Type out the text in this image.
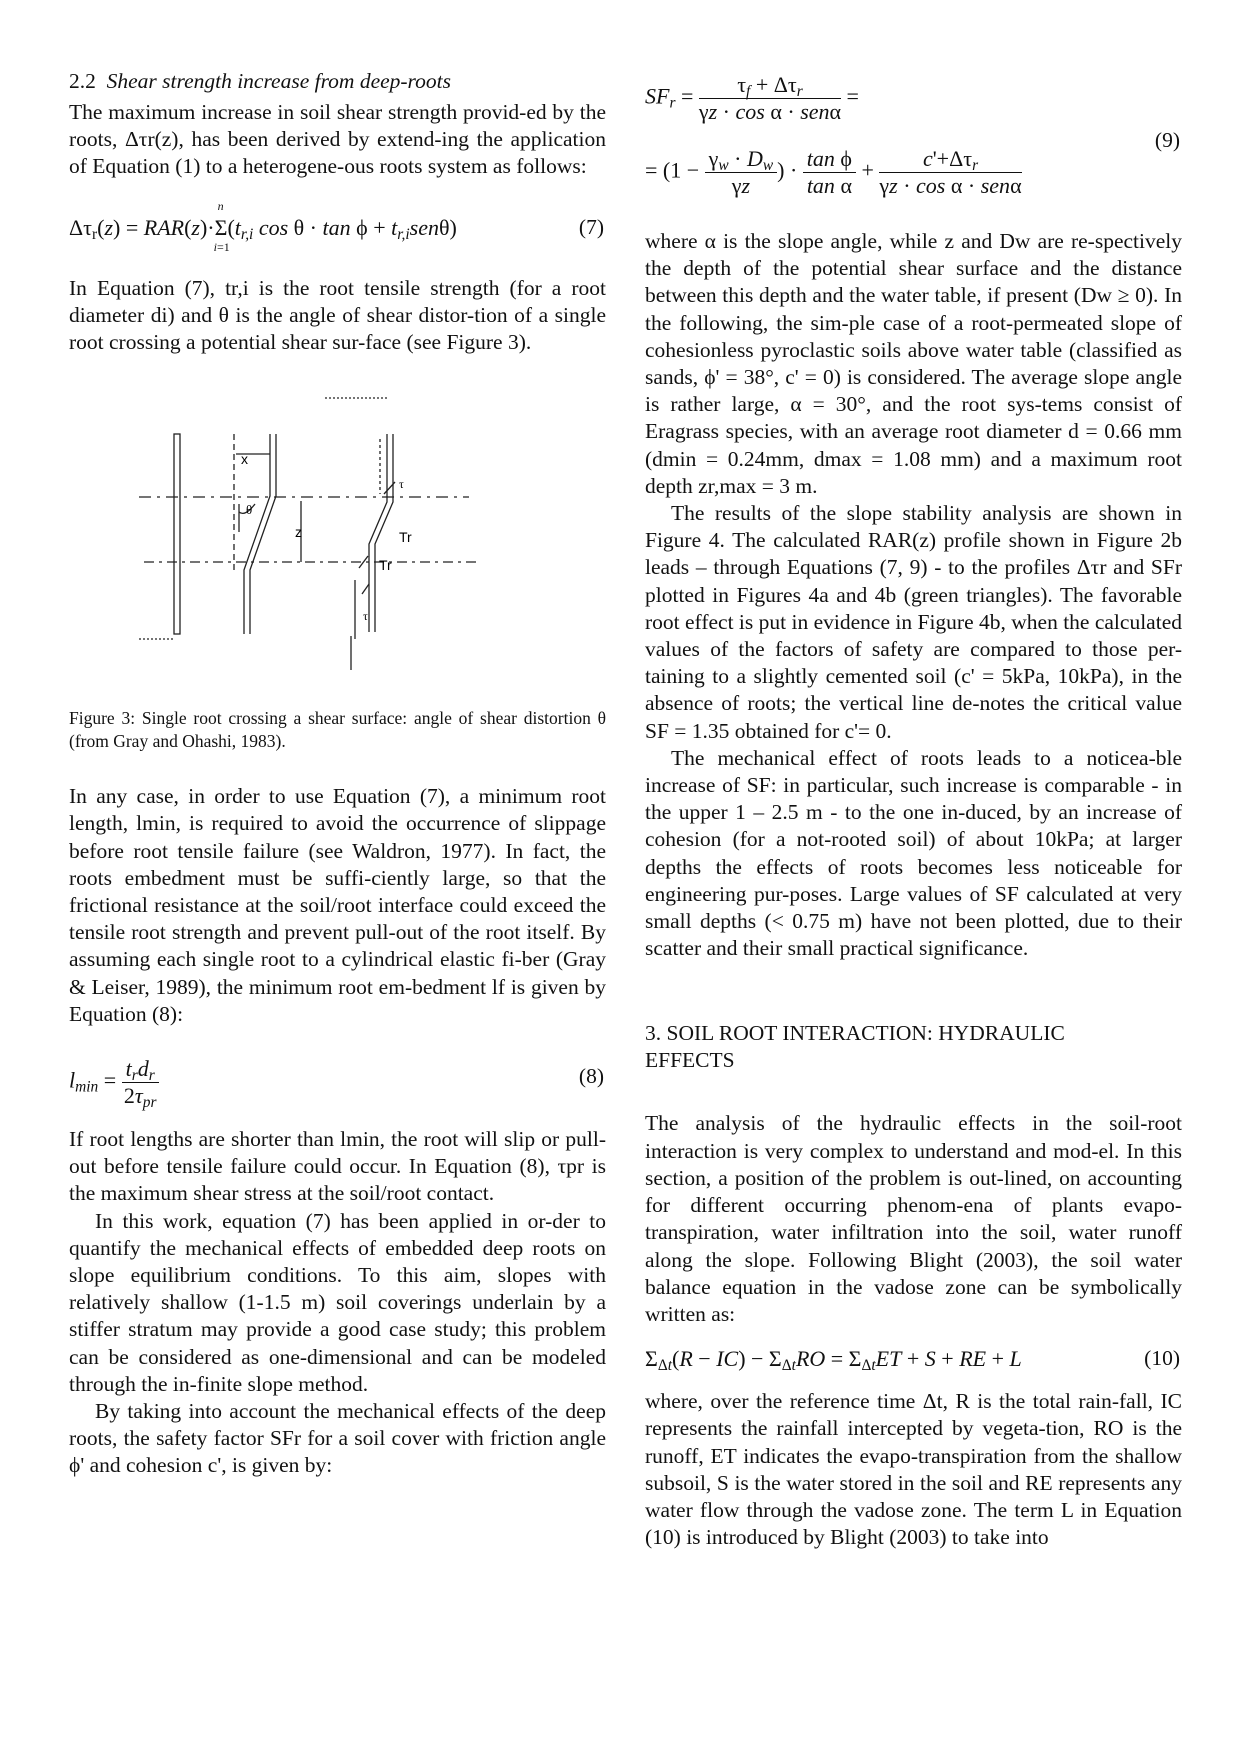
2.2 Shear strength increase from deep-roots

The maximum increase in soil shear strength provid-ed by the roots, Δτr(z), has been derived by extend-ing the application of Equation (1) to a heterogene-ous roots system as follows:

$\Delta\tau_r(z) = RAR(z)\cdot\Sigma$
n
i=1
($t_{r,i}$ $\cos \theta \cdot \tan \phi + t_{r,i}sen\theta$)	(7)

In Equation (7), tr,i is the root tensile strength (for a root diameter di) and θ is the angle of shear distor-tion of a single root crossing a potential shear sur-face (see Figure 3).

x
θ
z	Tr
Tr
τ
τ
Figure 3: Single root crossing a shear surface: angle of shear distortion θ (from Gray and Ohashi, 1983).

In any case, in order to use Equation (7), a minimum root length, lmin, is required to avoid the occurrence of slippage before root tensile failure (see Waldron, 1977). In fact, the roots embedment must be suffi-ciently large, so that the frictional resistance at the soil/root interface could exceed the tensile root strength and prevent pull-out of the root itself. By assuming each single root to a cylindrical elastic fi-ber (Gray & Leiser, 1989), the minimum root em-bedment lf is given by Equation (8):

$l_{min} = \frac{t_rd_r}{2\tau_{pr}}$	(8)

If root lengths are shorter than lmin, the root will slip or pull-out before tensile failure could occur. In Equation (8), τpr is the maximum shear stress at the soil/root contact.

In this work, equation (7) has been applied in or-der to quantify the mechanical effects of embedded deep roots on slope equilibrium conditions. To this aim, slopes with relatively shallow (1-1.5 m) soil coverings underlain by a stiffer stratum may provide a good case study; this problem can be considered as one-dimensional and can be modeled through the in-finite slope method.

By taking into account the mechanical effects of the deep roots, the safety factor SFr for a soil cover with friction angle ϕ' and cohesion c', is given by:

$SF_r = \frac{\tau_f + \Delta\tau_r}{\text{γz · cos α · senα}}$ =
= ($1 - \frac{\gamma_w \cdot D_w}{\gamma z}$ ) · $\frac{\text{tan ϕ}}{\text{tan α}} + \frac{c'+\Delta\tau_r}{\text{γz · cos α · senα}}$
(9)

where α is the slope angle, while z and Dw are re-spectively the depth of the potential shear surface and the distance between this depth and the water table, if present (Dw ≥ 0). In the following, the sim-ple case of a root-permeated slope of cohesionless pyroclastic soils above water table (classified as sands, ϕ' = 38°, c' = 0) is considered. The average slope angle is rather large, α = 30°, and the root sys-tems consist of Eragrass species, with an average root diameter d = 0.66 mm (dmin = 0.24mm, dmax = 1.08 mm) and a maximum root depth zr,max = 3 m.

The results of the slope stability analysis are shown in Figure 4. The calculated RAR(z) profile shown in Figure 2b leads – through Equations (7, 9) - to the profiles Δτr and SFr plotted in Figures 4a and 4b (green triangles). The favorable root effect is put in evidence in Figure 4b, when the calculated values of the factors of safety are compared to those per-taining to a slightly cemented soil (c' = 5kPa, 10kPa), in the absence of roots; the vertical line de-notes the critical value SF = 1.35 obtained for c'= 0.

The mechanical effect of roots leads to a noticea-ble increase of SF: in particular, such increase is comparable - in the upper 1 – 2.5 m - to the one in-duced, by an increase of cohesion (for a not-rooted soil) of about 10kPa; at larger depths the effects of roots becomes less noticeable for engineering pur-poses. Large values of SF calculated at very small depths (< 0.75 m) have not been plotted, due to their scatter and their small practical significance.

3. SOIL ROOT INTERACTION: HYDRAULIC
EFFECTS

The analysis of the hydraulic effects in the soil-root interaction is very complex to understand and mod-el. In this section, a position of the problem is out-lined, on accounting for different occurring phenom-ena of plants evapo-transpiration, water infiltration into the soil, water runoff along the slope. Following Blight (2003), the soil water balance equation in the vadose zone can be symbolically written as:

$\Sigma_{\Delta t}(R - IC) - \Sigma_{\Delta t}RO = \Sigma_{\Delta t}ET + S$ + RE + L	(10)

where, over the reference time Δt, R is the total rain-fall, IC represents the rainfall intercepted by vegeta-tion, RO is the runoff, ET indicates the evapo-transpiration from the shallow subsoil, S is the water stored in the soil and RE represents any water flow through the vadose zone. The term L in Equation (10) is introduced by Blight (2003) to take into
